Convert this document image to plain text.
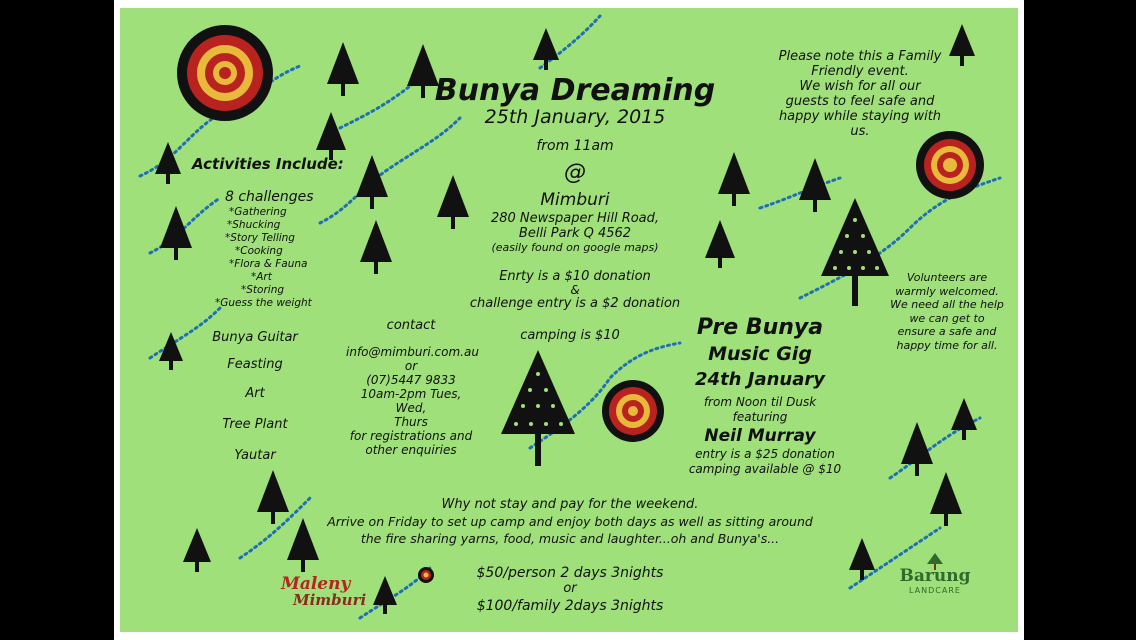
Bunya Dreaming
25th January, 2015
from 11am
@
Mimburi
280 Newspaper Hill Road,
Belli Park Q 4562
(easily found on google maps)
Enrty is a $10 donation
&
challenge entry is a $2 donation
camping is $10
Please note this a Family
Friendly event.
We wish for all our
guests to feel safe and
happy while staying with
us.
Activities Include:
8 challenges
*Gathering
*Shucking
*Story Telling
*Cooking
*Flora & Fauna
*Art
*Storing
*Guess the weight
Bunya Guitar
Feasting
Art
Tree Plant
Yautar
contact
info@mimburi.com.au
or
(07)5447 9833
10am-2pm Tues, Wed,
Thurs
for registrations and
other enquiries
Volunteers are
warmly welcomed.
We need all the help
we can get to
ensure a safe and
happy time for all.
Pre Bunya
Music Gig
24th January
from Noon til Dusk
featuring
Neil Murray
entry is a $25 donation
camping available @ $10
Why not stay and pay for the weekend.
Arrive on Friday to set up camp and enjoy both days as well as sitting around
the fire sharing yarns, food, music and laughter...oh and Bunya's...
$50/person 2 days 3nights
or
$100/family 2days 3nights
Maleny
Mimburi
Barung
LANDCARE
